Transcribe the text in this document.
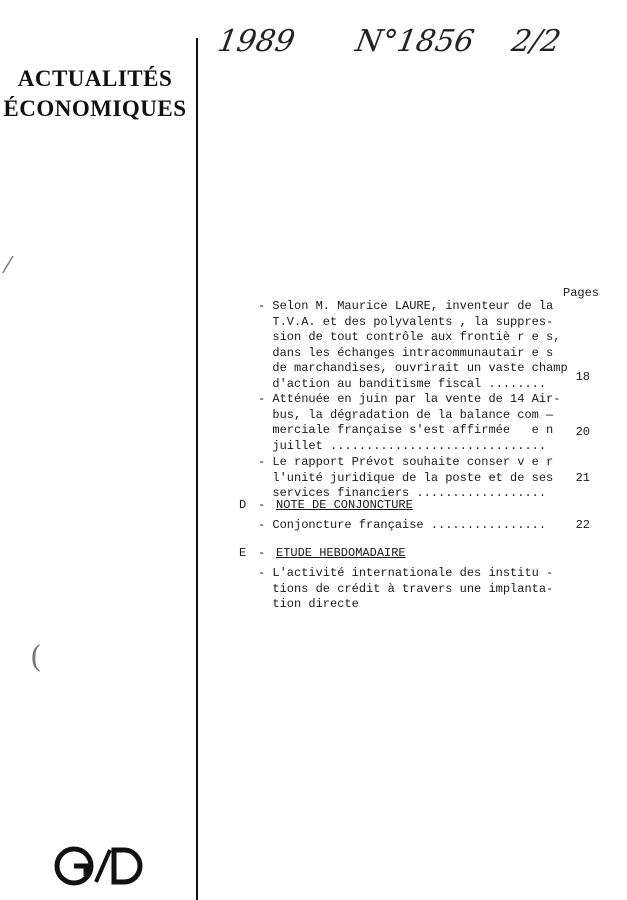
ACTUALITÉS
ÉCONOMIQUES
1989 N°1856 2/2
Pages
- Selon M. Maurice LAURE, inventeur de la
T.V.A. et des polyvalents , la suppres-
sion de tout contrôle aux frontiè r e s,
dans les échanges intracommunautair e s
de marchandises, ouvrirait un vaste champ
d'action au banditisme fiscal ........	18
- Atténuée en juin par la vente de 14 Air-
bus, la dégradation de la balance com —
merciale française s'est affirmée   e n
juillet ..............................
20
- Le rapport Prévot souhaite conser v e r
l'unité juridique de la poste et de ses
services financiers ..................
21
D - NOTE DE CONJONCTURE
- Conjoncture française ................	22
E - ETUDE HEBDOMADAIRE
- L'activité internationale des institu -
tions de crédit à travers une implanta-
tion directe
⁄
(
